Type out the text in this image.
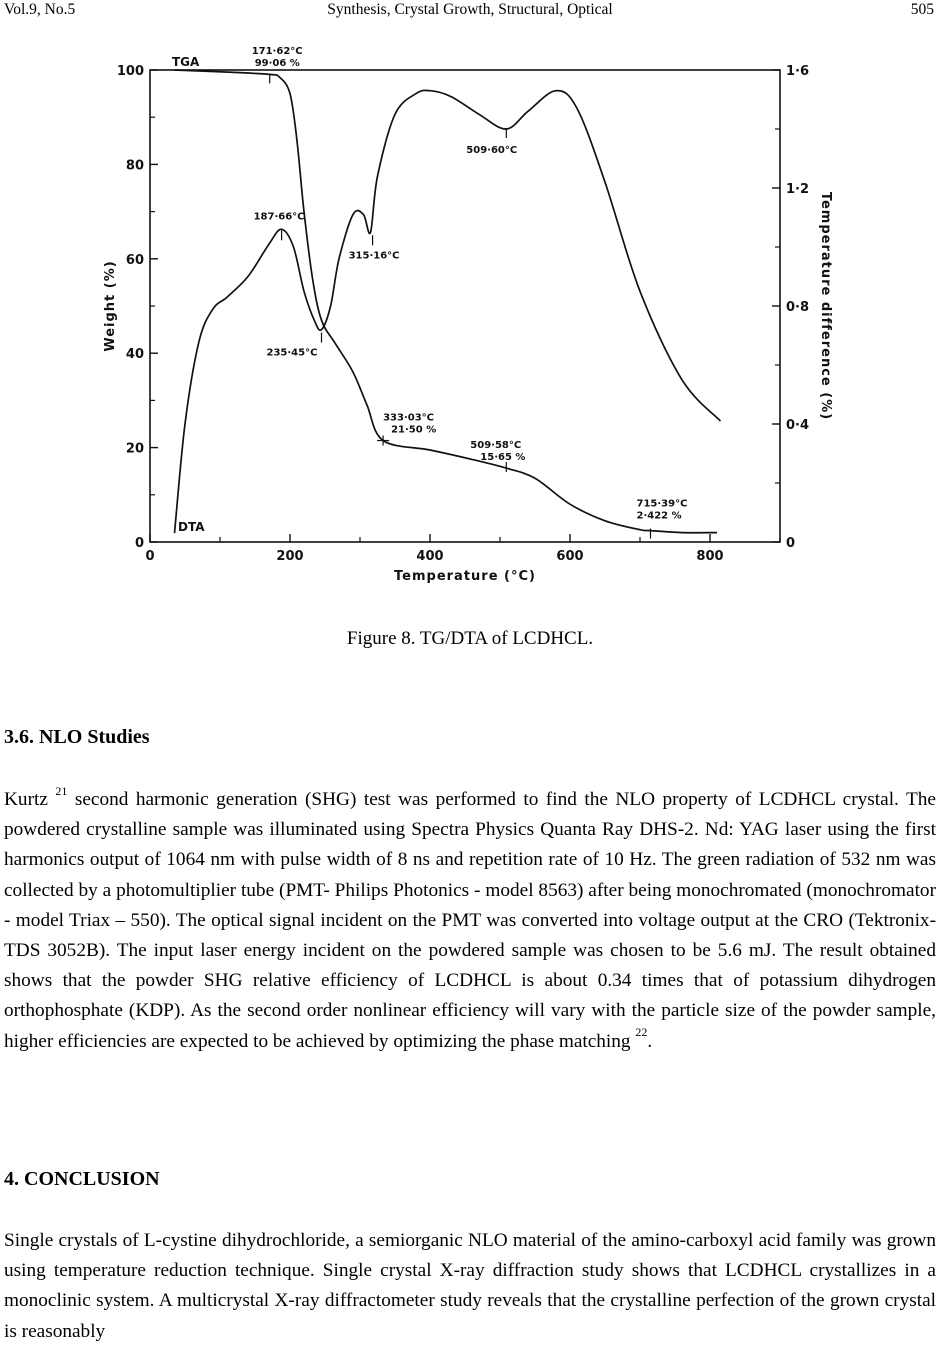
Vol.9, No.5	Synthesis, Crystal Growth, Structural, Optical	505
0	200	400	600	800
0
20
40
60
80
100
0
0·4
0·8
1·2
1·6
Temperature (°C)
Weight (%)	Temperature difference (%)
TGA
DTA
171·62°C
99·06 %
333·03°C
21·50 %
509·58°C
15·65 %
715·39°C
2·422 %
187·66°C
235·45°C
315·16°C
509·60°C
Figure 8. TG/DTA of LCDHCL.
3.6. NLO Studies
Kurtz $^{21}$ second harmonic generation (SHG) test was performed to find the NLO property of LCDHCL crystal. The powdered crystalline sample was illuminated using Spectra Physics Quanta Ray DHS-2. Nd: YAG laser using the first harmonics output of 1064 nm with pulse width of 8 ns and repetition rate of 10 Hz. The green radiation of 532 nm was collected by a photomultiplier tube (PMT- Philips Photonics - model 8563) after being monochromated (monochromator - model Triax – 550). The optical signal incident on the PMT was converted into voltage output at the CRO (Tektronix- TDS 3052B). The input laser energy incident on the powdered sample was chosen to be 5.6 mJ. The result obtained shows that the powder SHG relative efficiency of LCDHCL is about 0.34 times that of potassium dihydrogen orthophosphate (KDP). As the second order nonlinear efficiency will vary with the particle size of the powder sample, higher efficiencies are expected to be achieved by optimizing the phase matching $^{22}$.
4. CONCLUSION
Single crystals of L-cystine dihydrochloride, a semiorganic NLO material of the amino-carboxyl acid family was grown using temperature reduction technique. Single crystal X-ray diffraction study shows that LCDHCL crystallizes in a monoclinic system. A multicrystal X-ray diffractometer study reveals that the crystalline perfection of the grown crystal is reasonably
